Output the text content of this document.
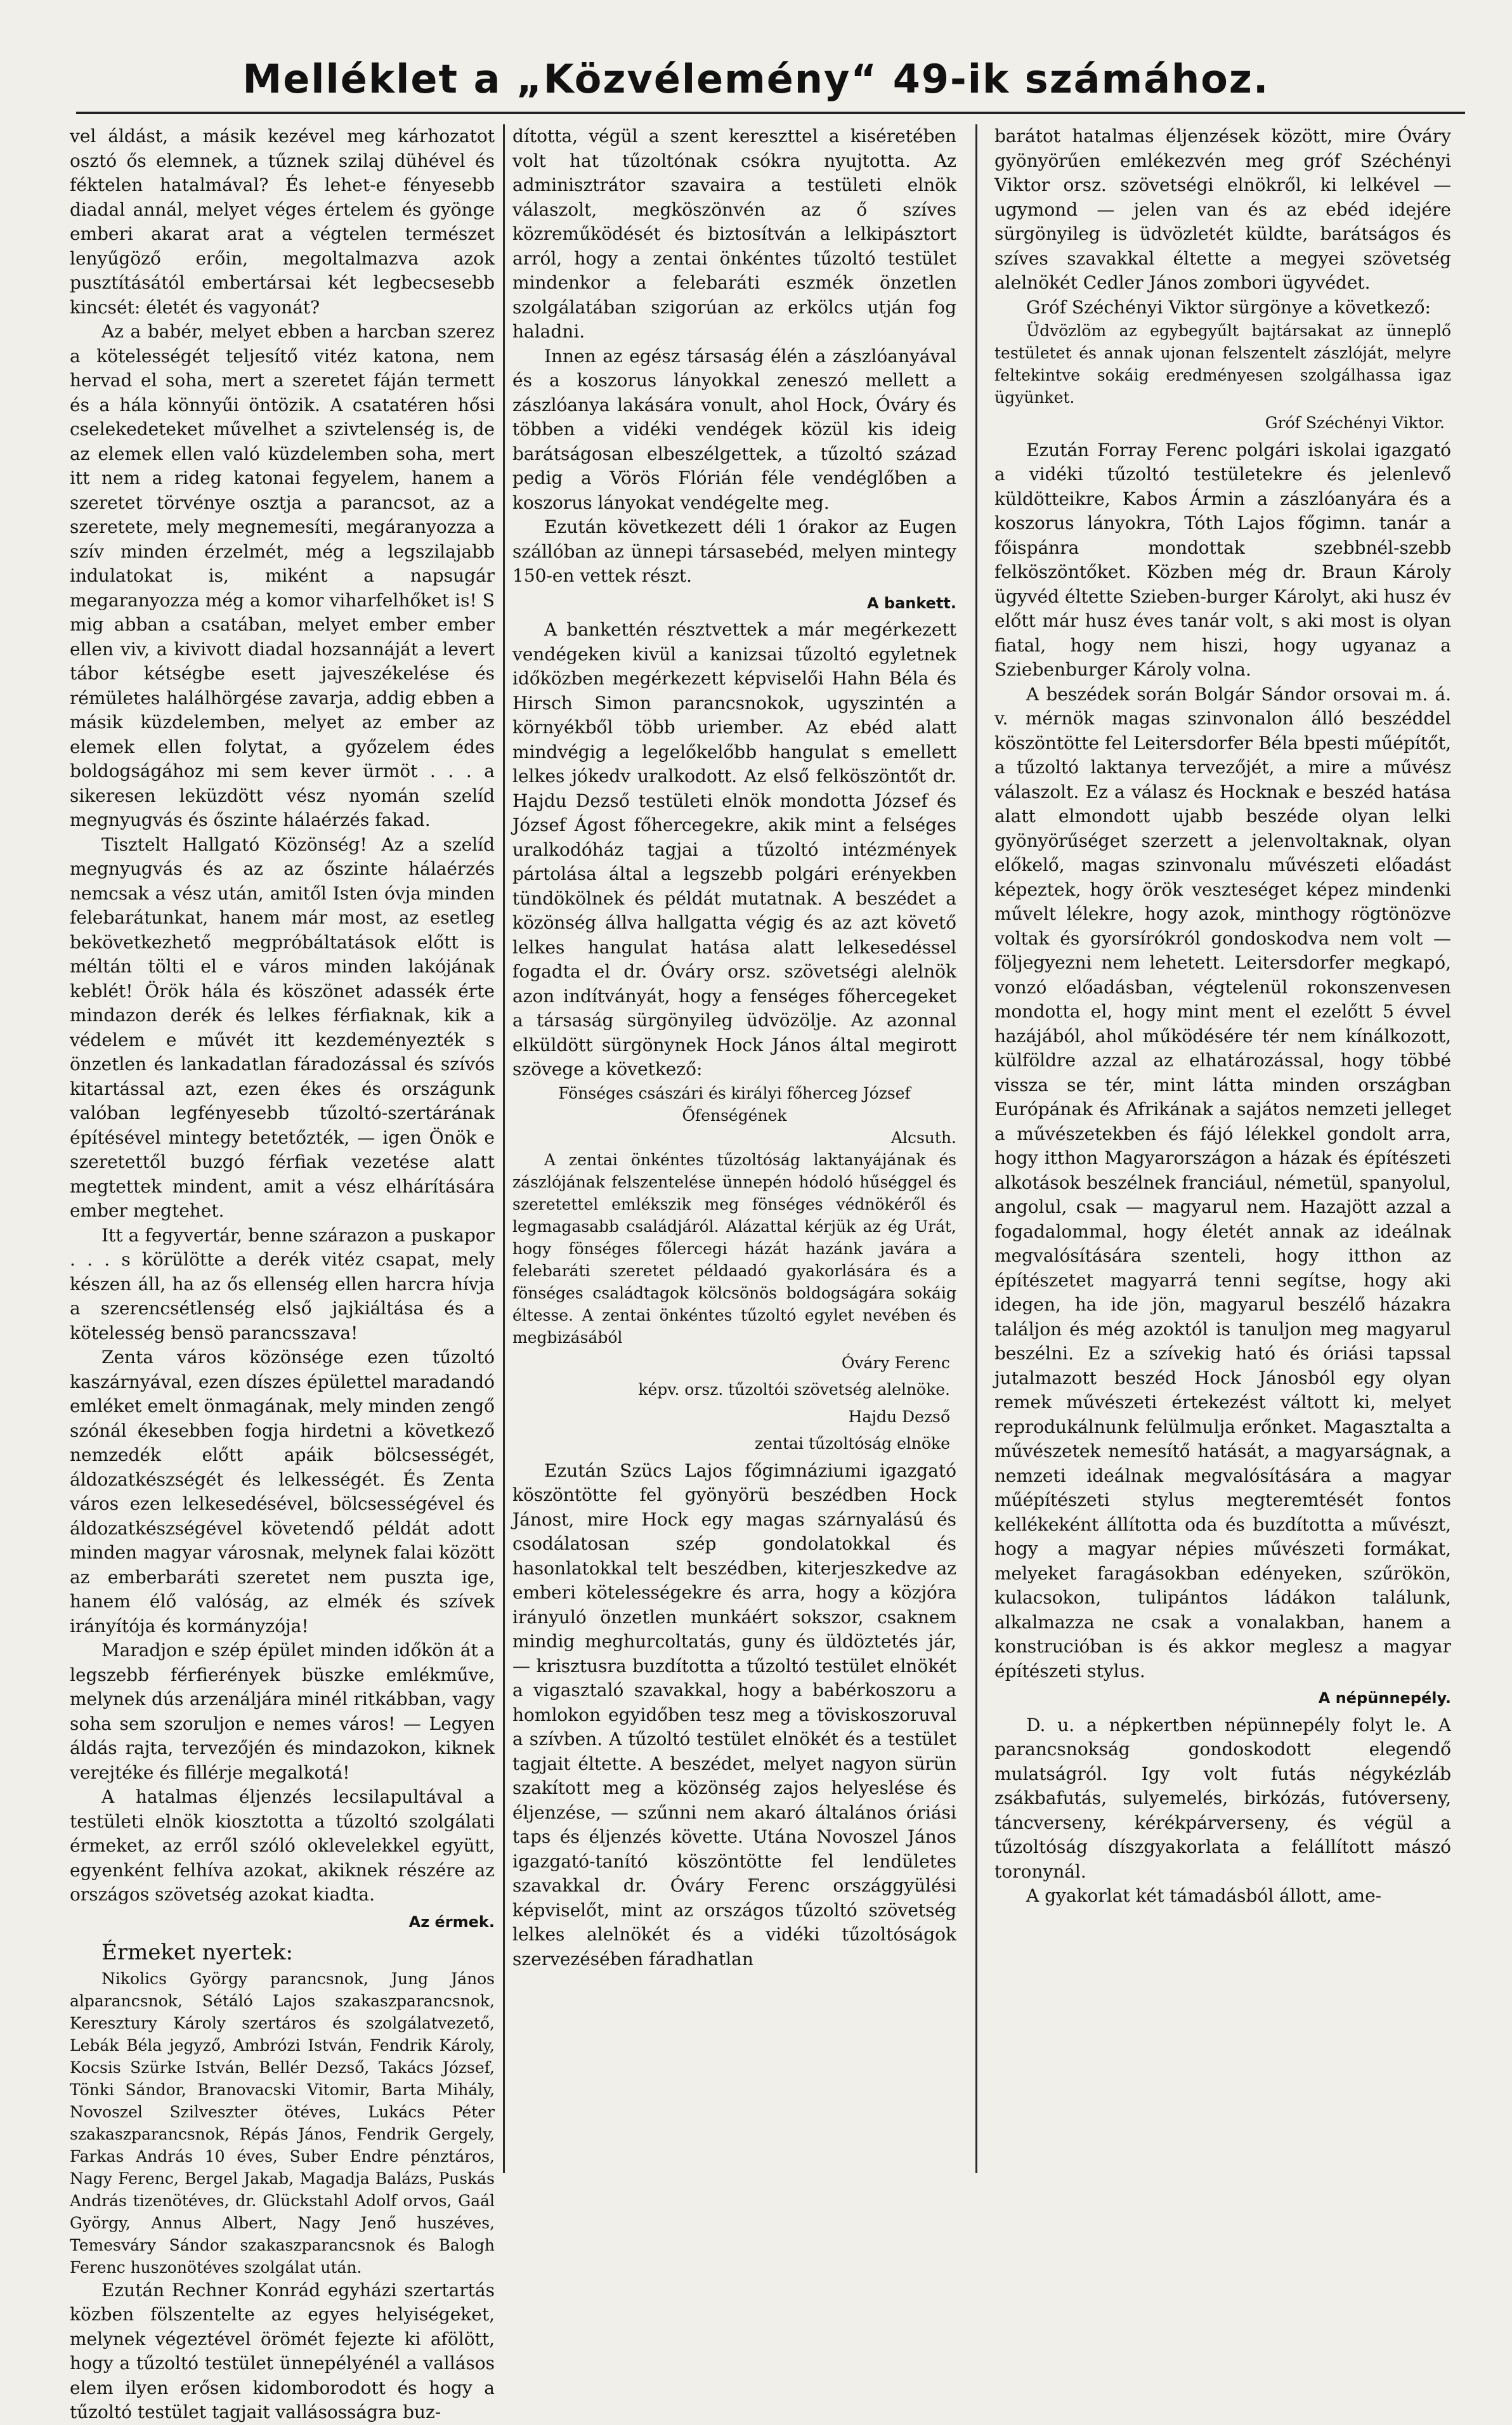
Melléklet a „Közvélemény“ 49-ik számához.

vel áldást, a másik kezével meg kárhozatot osztó ős elemnek, a tűznek szilaj dühével és féktelen hatalmával? És lehet-e fényesebb diadal annál, melyet véges értelem és gyönge emberi akarat arat a végtelen természet lenyűgöző erőin, megoltalmazva azok pusztításától embertársai két legbecsesebb kincsét: életét és vagyonát?

Az a babér, melyet ebben a harcban szerez a kötelességét teljesítő vitéz katona, nem hervad el soha, mert a szeretet fáján termett és a hála könnyűi öntözik. A csatatéren hősi cselekedeteket művelhet a szivtelenség is, de az elemek ellen való küzdelemben soha, mert itt nem a rideg katonai fegyelem, hanem a szeretet törvénye osztja a parancsot, az a szeretete, mely megnemesíti, megáranyozza a szív minden érzelmét, még a legszilajabb indulatokat is, miként a napsugár megaranyozza még a komor viharfelhőket is! S mig abban a csatában, melyet ember ember ellen viv, a kivivott diadal hozsannáját a levert tábor kétségbe esett jajveszékelése és rémületes halálhörgése zavarja, addig ebben a másik küzdelemben, melyet az ember az elemek ellen folytat, a győzelem édes boldogságához mi sem kever ürmöt . . . a sikeresen leküzdött vész nyomán szelíd megnyugvás és őszinte hálaérzés fakad.

Tisztelt Hallgató Közönség! Az a szelíd megnyugvás és az az őszinte hálaérzés nemcsak a vész után, amitől Isten óvja minden felebarátunkat, hanem már most, az esetleg bekövetkezhető megpróbáltatások előtt is méltán tölti el e város minden lakójának keblét! Örök hála és köszönet adassék érte mindazon derék és lelkes férfiaknak, kik a védelem e művét itt kezdeményezték s önzetlen és lankadatlan fáradozással és szívós kitartással azt, ezen ékes és országunk valóban legfényesebb tűzoltó-szertárának építésével mintegy betetőzték, — igen Önök e szeretettől buzgó férfiak vezetése alatt megtettek mindent, amit a vész elhárítására ember megtehet.

Itt a fegyvertár, benne szárazon a puskapor . . . s körülötte a derék vitéz csapat, mely készen áll, ha az ős ellenség ellen harcra hívja a szerencsétlenség első jajkiáltása és a kötelesség bensö parancsszava!

Zenta város közönsége ezen tűzoltó kaszárnyával, ezen díszes épülettel maradandó emléket emelt önmagának, mely minden zengő szónál ékesebben fogja hirdetni a következő nemzedék előtt apáik bölcsességét, áldozatkészségét és lelkességét. És Zenta város ezen lelkesedésével, bölcsességével és áldozatkészségével követendő példát adott minden magyar városnak, melynek falai között az emberbaráti szeretet nem puszta ige, hanem élő valóság, az elmék és szívek irányítója és kormányzója!

Maradjon e szép épület minden időkön át a legszebb férfierények büszke emlékműve, melynek dús arzenáljára minél ritkábban, vagy soha sem szoruljon e nemes város! — Legyen áldás rajta, tervezőjén és mindazokon, kiknek verejtéke és fillérje megalkotá!

A hatalmas éljenzés lecsilapultával a testületi elnök kiosztotta a tűzoltó szolgálati érmeket, az erről szóló oklevelekkel együtt, egyenként felhíva azokat, akiknek részére az országos szövetség azokat kiadta.

Az érmek.
Érmeket nyertek:

Nikolics György parancsnok, Jung János alparancsnok, Sétáló Lajos szakaszparancsnok, Keresztury Károly szertáros és szolgálatvezető, Lebák Béla jegyző, Ambrózi István, Fendrik Károly, Kocsis Szürke István, Bellér Dezső, Takács József, Tönki Sándor, Branovacski Vitomir, Barta Mihály, Novoszel Szilveszter ötéves, Lukács Péter szakaszparancsnok, Répás János, Fendrik Gergely, Farkas András 10 éves, Suber Endre pénztáros, Nagy Ferenc, Bergel Jakab, Magadja Balázs, Puskás András tizenötéves, dr. Glückstahl Adolf orvos, Gaál György, Annus Albert, Nagy Jenő huszéves, Temesváry Sándor szakaszparancsnok és Balogh Ferenc huszonötéves szolgálat után.

Ezután Rechner Konrád egyházi szertartás közben fölszentelte az egyes helyiségeket, melynek végeztével örömét fejezte ki afölött, hogy a tűzoltó testület ünnepélyénél a vallásos elem ilyen erősen kidomborodott és hogy a tűzoltó testület tagjait vallásosságra buz-

dította, végül a szent kereszttel a kiséretében volt hat tűzoltónak csókra nyujtotta. Az adminisztrátor szavaira a testületi elnök válaszolt, megköszönvén az ő szíves közreműködését és biztosítván a lelkipásztort arról, hogy a zentai önkéntes tűzoltó testület mindenkor a felebaráti eszmék önzetlen szolgálatában szigorúan az erkölcs utján fog haladni.

Innen az egész társaság élén a zászlóanyával és a koszorus lányokkal zeneszó mellett a zászlóanya lakására vonult, ahol Hock, Óváry és többen a vidéki vendégek közül kis ideig barátságosan elbeszélgettek, a tűzoltó század pedig a Vörös Flórián féle vendéglőben a koszorus lányokat vendégelte meg.

Ezután következett déli 1 órakor az Eugen szállóban az ünnepi társasebéd, melyen mintegy 150-en vettek részt.

A bankett.

A bankettén résztvettek a már megérkezett vendégeken kivül a kanizsai tűzoltó egyletnek időközben megérkezett képviselői Hahn Béla és Hirsch Simon parancsnokok, ugyszintén a környékből több uriember. Az ebéd alatt mindvégig a legelőkelőbb hangulat s emellett lelkes jókedv uralkodott. Az első felköszöntőt dr. Hajdu Dezső testületi elnök mondotta József és József Ágost főhercegekre, akik mint a felséges uralkodóház tagjai a tűzoltó intézmények pártolása által a legszebb polgári erényekben tündökölnek és példát mutatnak. A beszédet a közönség állva hallgatta végig és az azt követő lelkes hangulat hatása alatt lelkesedéssel fogadta el dr. Óváry orsz. szövetségi alelnök azon indítványát, hogy a fenséges főhercegeket a társaság sürgönyileg üdvözölje. Az azonnal elküldött sürgönynek Hock János által megirott szövege a következő:

Fönséges császári és királyi főherceg József Őfenségének

Alcsuth.

A zentai önkéntes tűzoltóság laktanyájának és zászlójának felszentelése ünnepén hódoló hűséggel és szeretettel emlékszik meg fönséges védnökéről és legmagasabb családjáról. Alázattal kérjük az ég Urát, hogy fönséges főlercegi házát hazánk javára a felebaráti szeretet példaadó gyakorlására és a fönséges családtagok kölcsönös boldogságára sokáig éltesse. A zentai önkéntes tűzoltó egylet nevében és megbizásából

Óváry Ferenc
képv. orsz. tűzoltói szövetség alelnöke.
Hajdu Dezső
zentai tűzoltóság elnöke

Ezután Szücs Lajos főgimnáziumi igazgató köszöntötte fel gyönyörü beszédben Hock Jánost, mire Hock egy magas szárnyalású és csodálatosan szép gondolatokkal és hasonlatokkal telt beszédben, kiterjeszkedve az emberi kötelességekre és arra, hogy a közjóra irányuló önzetlen munkáért sokszor, csaknem mindig meghurcoltatás, guny és üldöztetés jár, — krisztusra buzdította a tűzoltó testület elnökét a vigasztaló szavakkal, hogy a babérkoszoru a homlokon egyidőben tesz meg a töviskoszoruval a szívben. A tűzoltó testület elnökét és a testület tagjait éltette. A beszédet, melyet nagyon sürün szakított meg a közönség zajos helyeslése és éljenzése, — szűnni nem akaró általános óriási taps és éljenzés követte. Utána Novoszel János igazgató-tanító köszöntötte fel lendületes szavakkal dr. Óváry Ferenc országgyülési képviselőt, mint az országos tűzoltó szövetség lelkes alelnökét és a vidéki tűzoltóságok szervezésében fáradhatlan

barátot hatalmas éljenzések között, mire Óváry gyönyörűen emlékezvén meg gróf Széchényi Viktor orsz. szövetségi elnökről, ki lelkével — ugymond — jelen van és az ebéd idejére sürgönyileg is üdvözletét küldte, barátságos és szíves szavakkal éltette a megyei szövetség alelnökét Cedler János zombori ügyvédet.

Gróf Széchényi Viktor sürgönye a következő:

Üdvözlöm az egybegyűlt bajtársakat az ünneplő testületet és annak ujonan felszentelt zászlóját, melyre feltekintve sokáig eredményesen szolgálhassa igaz ügyünket.

Gróf Széchényi Viktor.

Ezután Forray Ferenc polgári iskolai igazgató a vidéki tűzoltó testületekre és jelenlevő küldötteikre, Kabos Ármin a zászlóanyára és a koszorus lányokra, Tóth Lajos főgimn. tanár a főispánra mondottak szebbnél-szebb felköszöntőket. Közben még dr. Braun Károly ügyvéd éltette Szieben-burger Károlyt, aki husz év előtt már husz éves tanár volt, s aki most is olyan fiatal, hogy nem hiszi, hogy ugyanaz a Sziebenburger Károly volna.

A beszédek során Bolgár Sándor orsovai m. á. v. mérnök magas szinvonalon álló beszéddel köszöntötte fel Leitersdorfer Béla bpesti műépítőt, a tűzoltó laktanya tervezőjét, a mire a művész válaszolt. Ez a válasz és Hocknak e beszéd hatása alatt elmondott ujabb beszéde olyan lelki gyönyörűséget szerzett a jelenvoltaknak, olyan előkelő, magas szinvonalu művészeti előadást képeztek, hogy örök veszteséget képez mindenki művelt lélekre, hogy azok, minthogy rögtönözve voltak és gyorsírókról gondoskodva nem volt — följegyezni nem lehetett. Leitersdorfer megkapó, vonzó előadásban, végtelenül rokonszenvesen mondotta el, hogy mint ment el ezelőtt 5 évvel hazájából, ahol működésére tér nem kínálkozott, külföldre azzal az elhatározással, hogy többé vissza se tér, mint látta minden országban Európának és Afrikának a sajátos nemzeti jelleget a művészetekben és fájó lélekkel gondolt arra, hogy itthon Magyarországon a házak és építészeti alkotások beszélnek franciául, németül, spanyolul, angolul, csak — magyarul nem. Hazajött azzal a fogadalommal, hogy életét annak az ideálnak megvalósítására szenteli, hogy itthon az építészetet magyarrá tenni segítse, hogy aki idegen, ha ide jön, magyarul beszélő házakra találjon és még azoktól is tanuljon meg magyarul beszélni. Ez a szívekig ható és óriási tapssal jutalmazott beszéd Hock Jánosból egy olyan remek művészeti értekezést váltott ki, melyet reprodukálnunk felülmulja erőnket. Magasztalta a művészetek nemesítő hatását, a magyarságnak, a nemzeti ideálnak megvalósítására a magyar műépítészeti stylus megteremtését fontos kellékeként állította oda és buzdította a művészt, hogy a magyar népies művészeti formákat, melyeket faragásokban edényeken, szűrökön, kulacsokon, tulipántos ládákon találunk, alkalmazza ne csak a vonalakban, hanem a konstrucióban is és akkor meglesz a magyar építészeti stylus.

A népünnepély.

D. u. a népkertben népünnepély folyt le. A parancsnokság gondoskodott elegendő mulatságról. Igy volt futás négykézláb zsákbafutás, sulyemelés, birkózás, futóverseny, táncverseny, kérékpárverseny, és végül a tűzoltóság díszgyakorlata a felállított mászó toronynál.

A gyakorlat két támadásból állott, ame-
